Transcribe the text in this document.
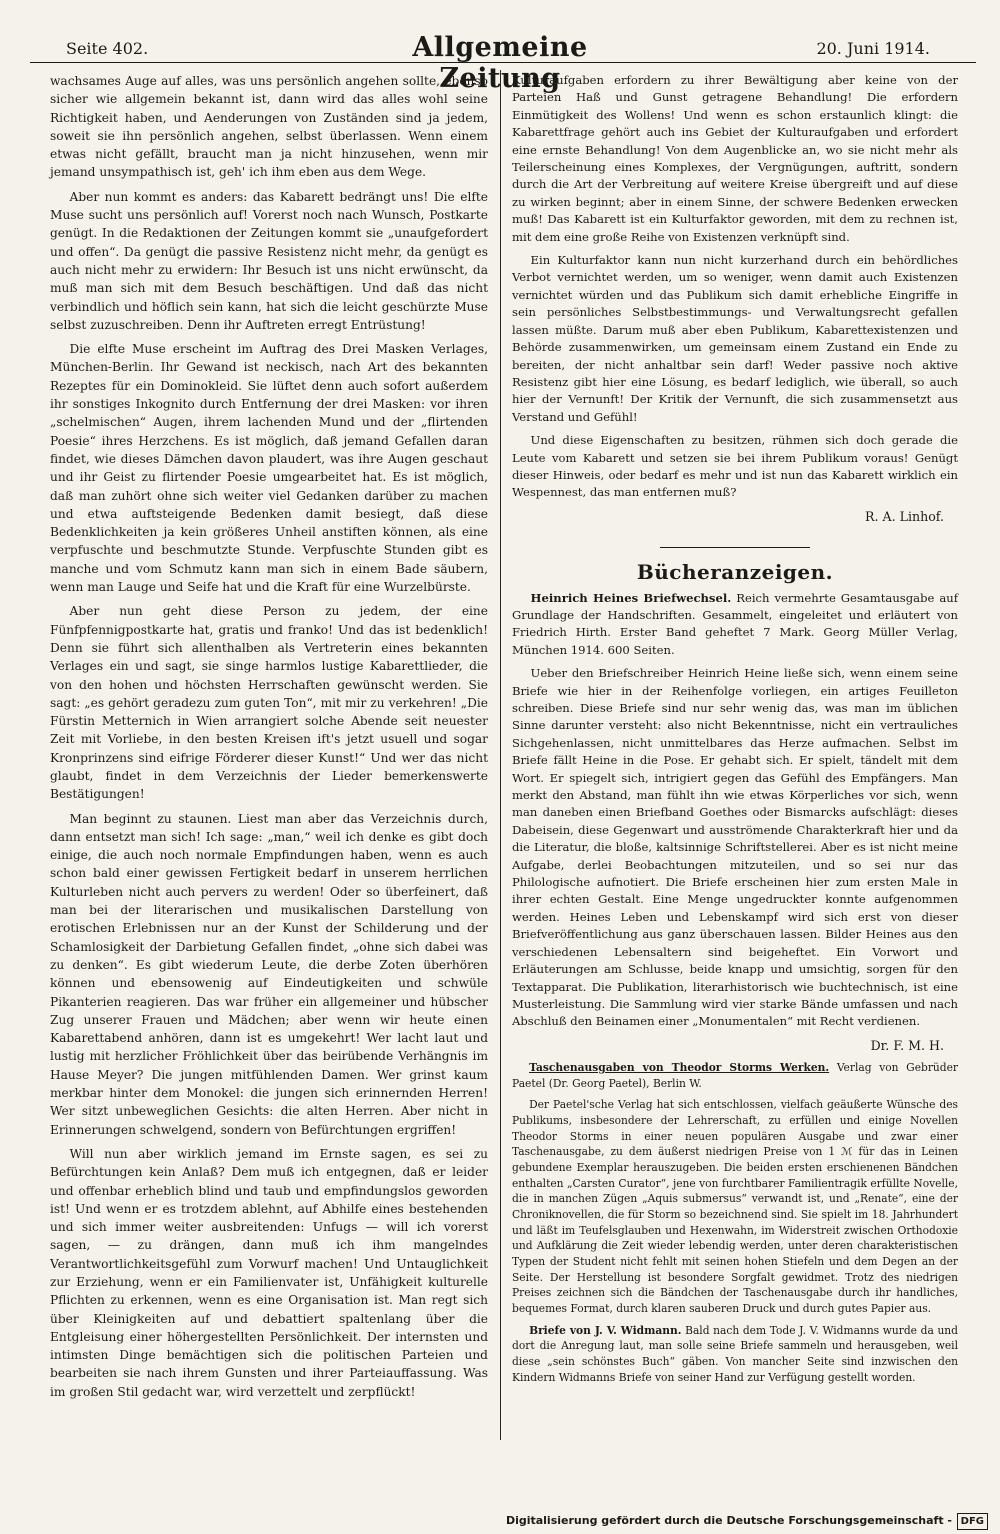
Seite 402.	Allgemeine Zeitung
20. Juni 1914.

wachsames Auge auf alles, was uns persönlich angehen sollte, ebenso sicher wie allgemein bekannt ist, dann wird das alles wohl seine Richtigkeit haben, und Aenderungen von Zuständen sind ja jedem, soweit sie ihn persönlich angehen, selbst überlassen. Wenn einem etwas nicht gefällt, braucht man ja nicht hinzusehen, wenn mir jemand unsympathisch ist, geh' ich ihm eben aus dem Wege.

Aber nun kommt es anders: das Kabarett bedrängt uns! Die elfte Muse sucht uns persönlich auf! Vorerst noch nach Wunsch, Postkarte genügt. In die Redaktionen der Zeitungen kommt sie „unaufgefordert und offen“. Da genügt die passive Resistenz nicht mehr, da genügt es auch nicht mehr zu erwidern: Ihr Besuch ist uns nicht erwünscht, da muß man sich mit dem Besuch beschäftigen. Und daß das nicht verbindlich und höflich sein kann, hat sich die leicht geschürzte Muse selbst zuzuschreiben. Denn ihr Auftreten erregt Entrüstung!

Die elfte Muse erscheint im Auftrag des Drei Masken Verlages, München-Berlin. Ihr Gewand ist neckisch, nach Art des bekannten Rezeptes für ein Dominokleid. Sie lüftet denn auch sofort außerdem ihr sonstiges Inkognito durch Entfernung der drei Masken: vor ihren „schelmischen“ Augen, ihrem lachenden Mund und der „flirtenden Poesie“ ihres Herzchens. Es ist möglich, daß jemand Gefallen daran findet, wie dieses Dämchen davon plaudert, was ihre Augen geschaut und ihr Geist zu flirtender Poesie umgearbeitet hat. Es ist möglich, daß man zuhört ohne sich weiter viel Gedanken darüber zu machen und etwa auftsteigende Bedenken damit besiegt, daß diese Bedenklichkeiten ja kein größeres Unheil anstiften können, als eine verpfuschte und beschmutzte Stunde. Verpfuschte Stunden gibt es manche und vom Schmutz kann man sich in einem Bade säubern, wenn man Lauge und Seife hat und die Kraft für eine Wurzelbürste.

Aber nun geht diese Person zu jedem, der eine Fünfpfennigpostkarte hat, gratis und franko! Und das ist bedenklich! Denn sie führt sich allenthalben als Vertreterin eines bekannten Verlages ein und sagt, sie singe harmlos lustige Kabarettlieder, die von den hohen und höchsten Herrschaften gewünscht werden. Sie sagt: „es gehört geradezu zum guten Ton“, mit mir zu verkehren! „Die Fürstin Metternich in Wien arrangiert solche Abende seit neuester Zeit mit Vorliebe, in den besten Kreisen ift's jetzt usuell und sogar Kronprinzens sind eifrige Förderer dieser Kunst!“ Und wer das nicht glaubt, findet in dem Verzeichnis der Lieder bemerkenswerte Bestätigungen!

Man beginnt zu staunen. Liest man aber das Verzeichnis durch, dann entsetzt man sich! Ich sage: „man,“ weil ich denke es gibt doch einige, die auch noch normale Empfindungen haben, wenn es auch schon bald einer gewissen Fertigkeit bedarf in unserem herrlichen Kulturleben nicht auch pervers zu werden! Oder so überfeinert, daß man bei der literarischen und musikalischen Darstellung von erotischen Erlebnissen nur an der Kunst der Schilderung und der Schamlosigkeit der Darbietung Gefallen findet, „ohne sich dabei was zu denken“. Es gibt wiederum Leute, die derbe Zoten überhören können und ebensowenig auf Eindeutigkeiten und schwüle Pikanterien reagieren. Das war früher ein allgemeiner und hübscher Zug unserer Frauen und Mädchen; aber wenn wir heute einen Kabarettabend anhören, dann ist es umgekehrt! Wer lacht laut und lustig mit herzlicher Fröhlichkeit über das beirübende Verhängnis im Hause Meyer? Die jungen mitfühlenden Damen. Wer grinst kaum merkbar hinter dem Monokel: die jungen sich erinnernden Herren! Wer sitzt unbeweglichen Gesichts: die alten Herren. Aber nicht in Erinnerungen schwelgend, sondern von Befürchtungen ergriffen!

Will nun aber wirklich jemand im Ernste sagen, es sei zu Befürchtungen kein Anlaß? Dem muß ich entgegnen, daß er leider und offenbar erheblich blind und taub und empfindungslos geworden ist! Und wenn er es trotzdem ablehnt, auf Abhilfe eines bestehenden und sich immer weiter ausbreitenden: Unfugs — will ich vorerst sagen, — zu drängen, dann muß ich ihm mangelndes Verantwortlichkeitsgefühl zum Vorwurf machen! Und Untauglichkeit zur Erziehung, wenn er ein Familienvater ist, Unfähigkeit kulturelle Pflichten zu erkennen, wenn es eine Organisation ist. Man regt sich über Kleinigkeiten auf und debattiert spaltenlang über die Entgleisung einer höhergestellten Persönlichkeit. Der internsten und intimsten Dinge bemächtigen sich die politischen Parteien und bearbeiten sie nach ihrem Gunsten und ihrer Parteiauffassung. Was im großen Stil gedacht war, wird verzettelt und zerpflückt!

Kulturaufgaben erfordern zu ihrer Bewältigung aber keine von der Parteien Haß und Gunst getragene Behandlung! Die erfordern Einmütigkeit des Wollens! Und wenn es schon erstaunlich klingt: die Kabarettfrage gehört auch ins Gebiet der Kulturaufgaben und erfordert eine ernste Behandlung! Von dem Augenblicke an, wo sie nicht mehr als Teilerscheinung eines Komplexes, der Vergnügungen, auftritt, sondern durch die Art der Verbreitung auf weitere Kreise übergreift und auf diese zu wirken beginnt; aber in einem Sinne, der schwere Bedenken erwecken muß! Das Kabarett ist ein Kulturfaktor geworden, mit dem zu rechnen ist, mit dem eine große Reihe von Existenzen verknüpft sind.

Ein Kulturfaktor kann nun nicht kurzerhand durch ein behördliches Verbot vernichtet werden, um so weniger, wenn damit auch Existenzen vernichtet würden und das Publikum sich damit erhebliche Eingriffe in sein persönliches Selbstbestimmungs- und Verwaltungsrecht gefallen lassen müßte. Darum muß aber eben Publikum, Kabarettexistenzen und Behörde zusammenwirken, um gemeinsam einem Zustand ein Ende zu bereiten, der nicht anhaltbar sein darf! Weder passive noch aktive Resistenz gibt hier eine Lösung, es bedarf lediglich, wie überall, so auch hier der Vernunft! Der Kritik der Vernunft, die sich zusammensetzt aus Verstand und Gefühl!

Und diese Eigenschaften zu besitzen, rühmen sich doch gerade die Leute vom Kabarett und setzen sie bei ihrem Publikum voraus! Genügt dieser Hinweis, oder bedarf es mehr und ist nun das Kabarett wirklich ein Wespennest, das man entfernen muß?

R. A. Linhof.
Bücheranzeigen.

Heinrich Heines Briefwechsel. Reich vermehrte Gesamtausgabe auf Grundlage der Handschriften. Gesammelt, eingeleitet und erläutert von Friedrich Hirth. Erster Band geheftet 7 Mark. Georg Müller Verlag, München 1914. 600 Seiten.

Ueber den Briefschreiber Heinrich Heine ließe sich, wenn einem seine Briefe wie hier in der Reihenfolge vorliegen, ein artiges Feuilleton schreiben. Diese Briefe sind nur sehr wenig das, was man im üblichen Sinne darunter versteht: also nicht Bekenntnisse, nicht ein vertrauliches Sichgehenlassen, nicht unmittelbares das Herze aufmachen. Selbst im Briefe fällt Heine in die Pose. Er gehabt sich. Er spielt, tändelt mit dem Wort. Er spiegelt sich, intrigiert gegen das Gefühl des Empfängers. Man merkt den Abstand, man fühlt ihn wie etwas Körperliches vor sich, wenn man daneben einen Briefband Goethes oder Bismarcks aufschlägt: dieses Dabeisein, diese Gegenwart und ausströmende Charakterkraft hier und da die Literatur, die bloße, kaltsinnige Schriftstellerei. Aber es ist nicht meine Aufgabe, derlei Beobachtungen mitzuteilen, und so sei nur das Philologische aufnotiert. Die Briefe erscheinen hier zum ersten Male in ihrer echten Gestalt. Eine Menge ungedruckter konnte aufgenommen werden. Heines Leben und Lebenskampf wird sich erst von dieser Briefveröffentlichung aus ganz überschauen lassen. Bilder Heines aus den verschiedenen Lebensaltern sind beigeheftet. Ein Vorwort und Erläuterungen am Schlusse, beide knapp und umsichtig, sorgen für den Textapparat. Die Publikation, literarhistorisch wie buchtechnisch, ist eine Musterleistung. Die Sammlung wird vier starke Bände umfassen und nach Abschluß den Beinamen einer „Monumentalen“ mit Recht verdienen.

Dr. F. M. H.

Taschenausgaben von Theodor Storms Werken. Verlag von Gebrüder Paetel (Dr. Georg Paetel), Berlin W.

Der Paetel'sche Verlag hat sich entschlossen, vielfach geäußerte Wünsche des Publikums, insbesondere der Lehrerschaft, zu erfüllen und einige Novellen Theodor Storms in einer neuen populären Ausgabe und zwar einer Taschenausgabe, zu dem äußerst niedrigen Preise von 1 ℳ für das in Leinen gebundene Exemplar herauszugeben. Die beiden ersten erschienenen Bändchen enthalten „Carsten Curator“, jene von furchtbarer Familientragik erfüllte Novelle, die in manchen Zügen „Aquis submersus“ verwandt ist, und „Renate“, eine der Chroniknovellen, die für Storm so bezeichnend sind. Sie spielt im 18. Jahrhundert und läßt im Teufelsglauben und Hexenwahn, im Widerstreit zwischen Orthodoxie und Aufklärung die Zeit wieder lebendig werden, unter deren charakteristischen Typen der Student nicht fehlt mit seinen hohen Stiefeln und dem Degen an der Seite. Der Herstellung ist besondere Sorgfalt gewidmet. Trotz des niedrigen Preises zeichnen sich die Bändchen der Taschenausgabe durch ihr handliches, bequemes Format, durch klaren sauberen Druck und durch gutes Papier aus.

Briefe von J. V. Widmann. Bald nach dem Tode J. V. Widmanns wurde da und dort die Anregung laut, man solle seine Briefe sammeln und herausgeben, weil diese „sein schönstes Buch“ gäben. Von mancher Seite sind inzwischen den Kindern Widmanns Briefe von seiner Hand zur Verfügung gestellt worden.

Digitalisierung gefördert durch die Deutsche Forschungsgemeinschaft - DFG
